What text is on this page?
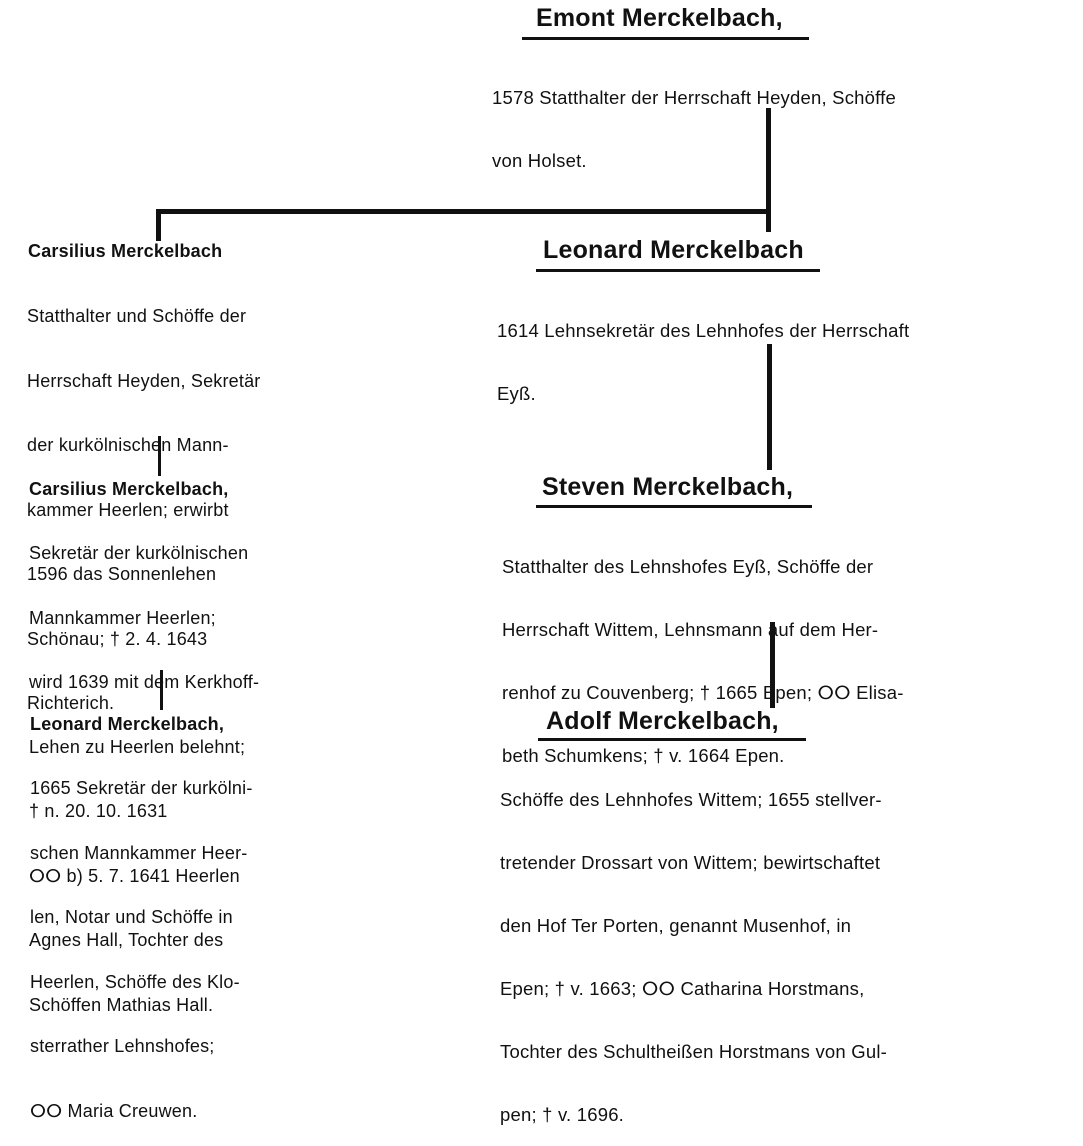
Emont Merckelbach,

1578 Statthalter der Herrschaft Heyden, Schöffe

von Holset.

Carsilius Merckelbach

Statthalter und Schöffe der

Herrschaft Heyden, Sekretär

der kurkölnischen Mann-

kammer Heerlen; erwirbt

1596 das Sonnenlehen

Schönau; † 2. 4. 1643

Richterich.

Leonard Merckelbach

1614 Lehnsekretär des Lehnhofes der Herrschaft

Eyß.

Carsilius Merckelbach,

Sekretär der kurkölnischen

Mannkammer Heerlen;

wird 1639 mit dem Kerkhoff-

Lehen zu Heerlen belehnt;

† n. 20. 10. 1631

ⵔⵔ b) 5. 7. 1641 Heerlen

Agnes Hall, Tochter des

Schöffen Mathias Hall.

Steven Merckelbach,

Statthalter des Lehnshofes Eyß, Schöffe der

Herrschaft Wittem, Lehnsmann auf dem Her-

renhof zu Couvenberg; † 1665 Epen; ⵔⵔ Elisa-

beth Schumkens; † v. 1664 Epen.

Leonard Merckelbach,

1665 Sekretär der kurkölni-

schen Mannkammer Heer-

len, Notar und Schöffe in

Heerlen, Schöffe des Klo-

sterrather Lehnshofes;

ⵔⵔ Maria Creuwen.

Adolf Merckelbach,

Schöffe des Lehnhofes Wittem; 1655 stellver-

tretender Drossart von Wittem; bewirtschaftet

den Hof Ter Porten, genannt Musenhof, in

Epen; † v. 1663; ⵔⵔ Catharina Horstmans,

Tochter des Schultheißen Horstmans von Gul-

pen; † v. 1696.
